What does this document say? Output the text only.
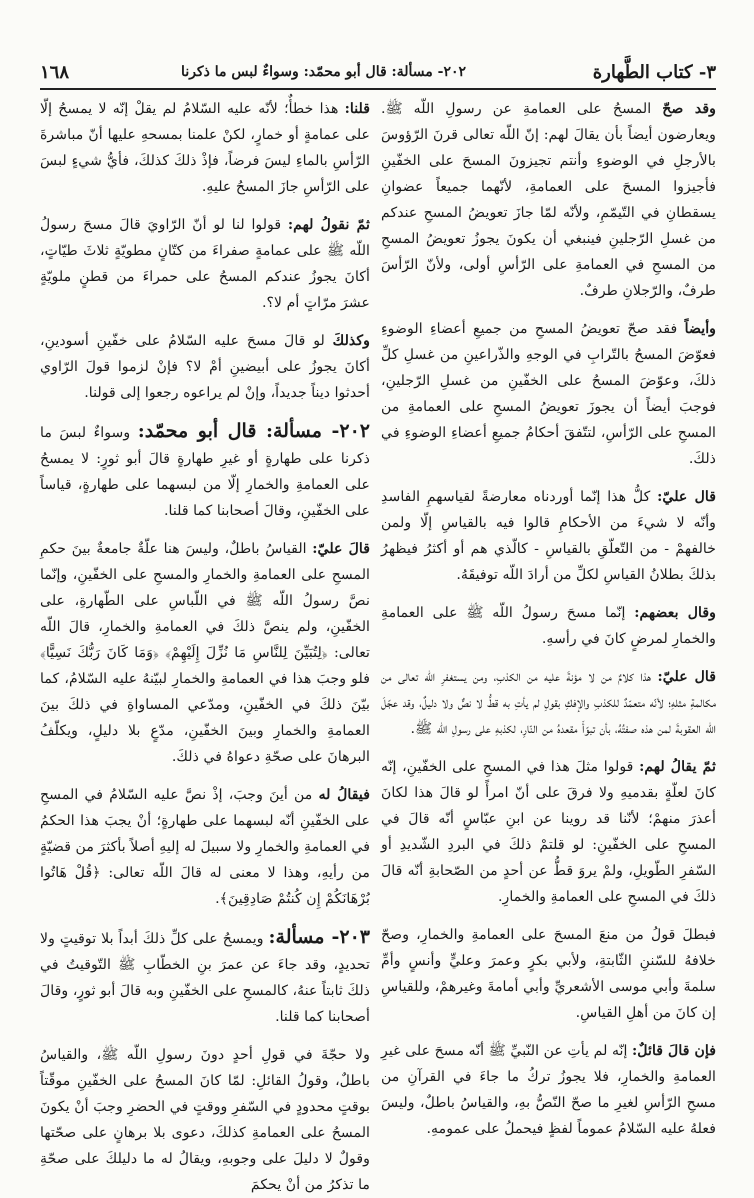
٣- كتاب الطَّهارة
٢٠٢- مسألة: قال أبو محمّد: وسواءٌ لبس ما ذكرنا
١٦٨

وقد صحّ المسحُ على العمامةِ عن رسولِ اللّه ﷺ. ويعارضون أيضاً بأن يقالَ لهم: إنّ اللّه تعالى قرنَ الرّؤوسَ بالأرجلِ في الوضوءِ وأنتم تجيزونَ المسحَ على الخفّينِ فأجيزوا المسحَ على العمامةِ، لأنّهما جميعاً عضوانِ يسقطانِ في التّيمّمِ، ولأنّه لمّا جازَ تعويضُ المسحِ عندكم من غسلِ الرّجلينِ فينبغي أن يكونَ يجوزُ تعويضُ المسحِ من المسحِ في العمامةِ على الرّأسِ أولى، ولأنّ الرّأسَ طرفٌ، والرّجلانِ طرفٌ.

وأيضاً فقد صحّ تعويضُ المسحِ من جميعِ أعضاءِ الوضوءِ فعوّضَ المسحُ بالتّرابِ في الوجهِ والذّراعينِ من غسلِ كلِّ ذلكَ، وعوّضَ المسحُ على الخفّينِ من غسلِ الرّجلينِ، فوجبَ أيضاً أن يجوزَ تعويضُ المسحِ على العمامةِ من المسحِ على الرّأسِ، لتتّفقَ أحكامُ جميعِ أعضاءِ الوضوءِ في ذلكَ.

قال عليّ: كلُّ هذا إنّما أوردناه معارضةً لقياسهمِ الفاسدِ وأنّه لا شيءَ من الأحكامِ قالوا فيه بالقياسِ إلّا ولمن خالفهمْ - من التّعلّقِ بالقياسِ - كالّذي هم أو أكثرُ فيظهرُ بذلكَ بطلانُ القياسِ لكلِّ من أرادَ اللّه توفيقَهُ.

وقال بعضهم: إنّما مسحَ رسولُ اللّه ﷺ على العمامةِ والخمارِ لمرضٍ كانَ في رأسهِ.

قال عليّ: هذا كلامٌ من لا مؤنةَ عليه من الكذبِ، ومن يستغفرِ اللّه تعالى من مكالمةِ مثلهِ؛ لأنّه متعمّدٌ للكذبِ والإفكِ بقولِ لم يأتِ به قطُّ لا نصٌّ ولا دليلٌ، وقد عجّلَ اللّه العقوبةَ لمن هذه صفتُهُ، بأن تبوّأَ مقعدهُ من النّارِ، لكذبهِ على رسولِ اللّه ﷺ.

ثمّ يقالُ لهم: قولوا مثلَ هذا في المسحِ على الخفّينِ، إنّه كانَ لعلّةٍ بقدميهِ ولا فرقَ على أنّ امرأً لو قالَ هذا لكانَ أعذرَ منهمْ؛ لأنّنا قد روينا عن ابنِ عبّاسٍ أنّه قالَ في المسحِ على الخفّينِ: لو قلتمْ ذلكَ في البردِ الشّديدِ أو السّفرِ الطّويلِ، ولمْ يروَ قطُّ عن أحدٍ من الصّحابةِ أنّه قالَ ذلكَ في المسحِ على العمامةِ والخمارِ.

فبطلَ قولُ من منعَ المسحَ على العمامةِ والخمارِ، وصحّ خلافهُ للسّننِ الثّابتةِ، ولأبي بكرٍ وعمرَ وعليٍّ وأنسٍ وأمِّ سلمةَ وأبي موسى الأشعريِّ وأبي أمامةَ وغيرهمْ، وللقياسِ إن كانَ من أهلِ القياسِ.

فإن قالَ قائلٌ: إنّه لم يأتِ عن النّبيِّ ﷺ أنّه مسحَ على غيرِ العمامةِ والخمارِ، فلا يجوزُ تركُ ما جاءَ في القرآنِ من مسحِ الرّأسِ لغيرِ ما صحّ النّصُّ بهِ، والقياسُ باطلٌ، وليسَ فعلهُ عليه السّلامُ عموماً لفظٍ فيحملُ على عمومهِ.

قلنا: هذا خطأٌ؛ لأنّه عليه السّلامُ لم يقلْ إنّه لا يمسحُ إلّا على عمامةٍ أو خمارٍ، لكنْ علمنا بمسحهِ عليها أنّ مباشرةَ الرّأسِ بالماءِ ليسَ فرضاً، فإذْ ذلكَ كذلكَ، فأيُّ شيءٍ لبسَ على الرّأسِ جازَ المسحُ عليهِ.

ثمّ نقولُ لهم: قولوا لنا لو أنّ الرّاويَ قالَ مسحَ رسولُ اللّه ﷺ على عمامةٍ صفراءَ من كتّانٍ مطويّةٍ ثلاثَ طيّاتٍ، أكانَ يجوزُ عندكم المسحُ على حمراءَ من قطنٍ ملويّةٍ عشرَ مرّاتٍ أم لا؟.

وكذلكَ لو قالَ مسحَ عليه السّلامُ على خفّينِ أسودينِ، أكانَ يجوزُ على أبيضينِ أمْ لا؟ فإنْ لزموا قولَ الرّاوي أحدثوا ديناً جديداً، وإنْ لم يراعوه رجعوا إلى قولنا.

٢٠٢- مسألة: قال أبو محمّد: وسواءٌ لبسَ ما ذكرنا على طهارةٍ أو غيرِ طهارةٍ قالَ أبو ثورٍ: لا يمسحُ على العمامةِ والخمارِ إلّا من لبسهما على طهارةٍ، قياساً على الخفّينِ، وقالَ أصحابنا كما قلنا.

قالَ عليّ: القياسُ باطلٌ، وليسَ هنا علّةٌ جامعةٌ بينَ حكمِ المسحِ على العمامةِ والخمارِ والمسحِ على الخفّينِ، وإنّما نصَّ رسولُ اللّه ﷺ في اللّباسِ على الطّهارةِ، على الخفّينِ، ولم ينصَّ ذلكَ في العمامةِ والخمارِ، قالَ اللّه تعالى: ﴿لِتُبَيِّنَ لِلنَّاسِ مَا نُزِّلَ إِلَيْهِمْ﴾ ﴿وَمَا كَانَ رَبُّكَ نَسِيًّا﴾ فلو وجبَ هذا في العمامةِ والخمارِ لبيّنهُ عليه السّلامُ، كما بيّنَ ذلكَ في الخفّينِ، ومدّعي المساواةِ في ذلكَ بينَ العمامةِ والخمارِ وبينَ الخفّينِ، مدّعٍ بلا دليلٍ، ويكلّفُ البرهانَ على صحّةِ دعواهُ في ذلكَ.

فيقالُ له من أينَ وجبَ، إذْ نصَّ عليه السّلامُ في المسحِ على الخفّينِ أنّه لبسهما على طهارةٍ؛ أنْ يجبَ هذا الحكمُ في العمامةِ والخمارِ ولا سبيلَ له إليهِ أصلاً بأكثرَ من قضيّةٍ من رأيهِ، وهذا لا معنى له قالَ اللّه تعالى: ﴿قُلْ هَاتُوا بُرْهَانَكُمْ إِن كُنتُمْ صَادِقِينَ﴾.

٢٠٣- مسألة: ويمسحُ على كلِّ ذلكَ أبداً بلا توقيتٍ ولا تحديدٍ، وقد جاءَ عن عمرَ بنِ الخطّابِ ﷺ التّوقيتُ في ذلكَ ثابتاً عنهُ، كالمسحِ على الخفّينِ وبه قالَ أبو ثورٍ، وقالَ أصحابنا كما قلنا.

ولا حجّةَ في قولِ أحدٍ دونَ رسولِ اللّه ﷺ، والقياسُ باطلٌ، وقولُ القائلِ: لمّا كانَ المسحُ على الخفّينِ موقّتاً بوقتٍ محدودٍ في السّفرِ ووقتٍ في الحضرِ وجبَ أنْ يكونَ المسحُ على العمامةِ كذلكَ، دعوى بلا برهانٍ على صحّتها وقولٌ لا دليلَ على وجوبهِ، ويقالُ له ما دليلكَ على صحّةِ ما تذكرُ من أنْ يحكمَ
